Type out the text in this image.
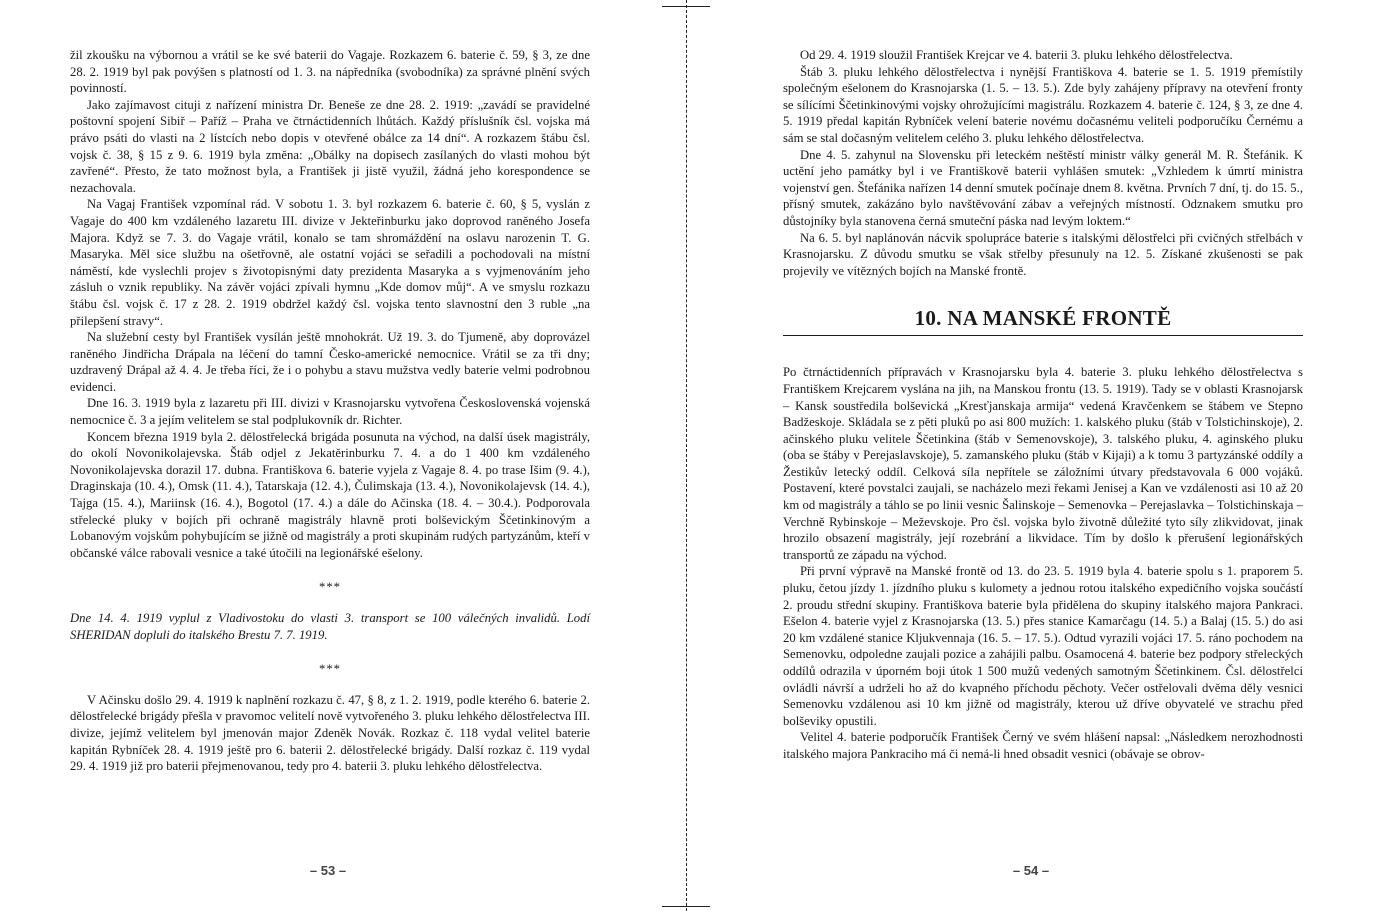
žil zkoušku na výbornou a vrátil se ke své baterii do Vagaje. Rozkazem 6. baterie č. 59, § 3, ze dne 28. 2. 1919 byl pak povýšen s platností od 1. 3. na nápředníka (svobodníka) za správné plnění svých povinností.

Jako zajímavost cituji z nařízení ministra Dr. Beneše ze dne 28. 2. 1919: „zavádí se pravidelné poštovní spojení Sibiř – Paříž – Praha ve čtrnáctidenních lhůtách. Každý příslušník čsl. vojska má právo psáti do vlasti na 2 lístcích nebo dopis v otevřené obálce za 14 dní“. A rozkazem štábu čsl. vojsk č. 38, § 15 z 9. 6. 1919 byla změna: „Obálky na dopisech zasílaných do vlasti mohou být zavřené“. Přesto, že tato možnost byla, a František ji jistě využil, žádná jeho korespondence se nezachovala.

Na Vagaj František vzpomínal rád. V sobotu 1. 3. byl rozkazem 6. baterie č. 60, § 5, vyslán z Vagaje do 400 km vzdáleného lazaretu III. divize v Jekteřinburku jako doprovod raněného Josefa Majora. Když se 7. 3. do Vagaje vrátil, konalo se tam shromáždění na oslavu narozenin T. G. Masaryka. Měl sice službu na ošetřovně, ale ostatní vojáci se seřadili a pochodovali na místní náměstí, kde vyslechli projev s životopisnými daty prezidenta Masaryka a s vyjmenováním jeho zásluh o vznik republiky. Na závěr vojáci zpívali hymnu „Kde domov můj“. A ve smyslu rozkazu štábu čsl. vojsk č. 17 z 28. 2. 1919 obdržel každý čsl. vojska tento slavnostní den 3 ruble „na přilepšení stravy“.

Na služební cesty byl František vysílán ještě mnohokrát. Už 19. 3. do Tjumeně, aby doprovázel raněného Jindřicha Drápala na léčení do tamní Česko-americké nemocnice. Vrátil se za tři dny; uzdravený Drápal až 4. 4. Je třeba říci, že i o pohybu a stavu mužstva vedly baterie velmi podrobnou evidenci.

Dne 16. 3. 1919 byla z lazaretu při III. divizi v Krasnojarsku vytvořena Československá vojenská nemocnice č. 3 a jejím velitelem se stal podplukovník dr. Richter.

Koncem března 1919 byla 2. dělostřelecká brigáda posunuta na východ, na další úsek magistrály, do okolí Novonikolajevska. Štáb odjel z Jekatěrinburku 7. 4. a do 1 400 km vzdáleného Novonikolajevska dorazil 17. dubna. Františkova 6. baterie vyjela z Vagaje 8. 4. po trase Išim (9. 4.), Draginskaja (10. 4.), Omsk (11. 4.), Tatarskaja (12. 4.), Čulimskaja (13. 4.), Novonikolajevsk (14. 4.), Tajga (15. 4.), Mariinsk (16. 4.), Bogotol (17. 4.) a dále do Ačinska (18. 4. – 30.4.). Podporovala střelecké pluky v bojích při ochraně magistrály hlavně proti bolševickým Ščetinkinovým a Lobanovým vojskům pohybujícím se jižně od magistrály a proti skupinám rudých partyzánům, kteří v občanské válce rabovali vesnice a také útočili na legionářské ešelony.

***

Dne 14. 4. 1919 vyplul z Vladivostoku do vlasti 3. transport se 100 válečných invalidů. Lodí SHERIDAN dopluli do italského Brestu 7. 7. 1919.

***

V Ačinsku došlo 29. 4. 1919 k naplnění rozkazu č. 47, § 8, z 1. 2. 1919, podle kterého 6. baterie 2. dělostřelecké brigády přešla v pravomoc velitelí nově vytvořeného 3. pluku lehkého dělostřelectva III. divize, jejímž velitelem byl jmenován major Zdeněk Novák. Rozkaz č. 118 vydal velitel baterie kapitán Rybníček 28. 4. 1919 ještě pro 6. baterii 2. dělostřelecké brigády. Další rozkaz č. 119 vydal 29. 4. 1919 již pro baterii přejmenovanou, tedy pro 4. baterii 3. pluku lehkého dělostřelectva.

– 53 –

Od 29. 4. 1919 sloužil František Krejcar ve 4. baterii 3. pluku lehkého dělostřelectva.

Štáb 3. pluku lehkého dělostřelectva i nynější Františkova 4. baterie se 1. 5. 1919 přemístily společným ešelonem do Krasnojarska (1. 5. – 13. 5.). Zde byly zahájeny přípravy na otevření fronty se sílícími Ščetinkinovými vojsky ohrožujícími magistrálu. Rozkazem 4. baterie č. 124, § 3, ze dne 4. 5. 1919 předal kapitán Rybníček velení baterie novému dočasnému veliteli podporučíku Černému a sám se stal dočasným velitelem celého 3. pluku lehkého dělostřelectva.

Dne 4. 5. zahynul na Slovensku při leteckém neštěstí ministr války generál M. R. Štefánik. K uctění jeho památky byl i ve Františkově baterii vyhlášen smutek: „Vzhledem k úmrtí ministra vojenství gen. Štefánika nařízen 14 denní smutek počínaje dnem 8. května. Prvních 7 dní, tj. do 15. 5., přísný smutek, zakázáno bylo navštěvování zábav a veřejných místností. Odznakem smutku pro důstojníky byla stanovena černá smuteční páska nad levým loktem.“

Na 6. 5. byl naplánován nácvik spolupráce baterie s italskými dělostřelci při cvičných střelbách v Krasnojarsku. Z důvodu smutku se však střelby přesunuly na 12. 5. Získané zkušenosti se pak projevily ve vítězných bojích na Manské frontě.

10. NA MANSKÉ FRONTĚ

Po čtrnáctidenních přípravách v Krasnojarsku byla 4. baterie 3. pluku lehkého dělostřelectva s Františkem Krejcarem vyslána na jih, na Manskou frontu (13. 5. 1919). Tady se v oblasti Krasnojarsk – Kansk soustředila bolševická „Kresťjanskaja armija“ vedená Kravčenkem se štábem ve Stepno Badžeskoje. Skládala se z pěti pluků po asi 800 mužích: 1. kalského pluku (štáb v Tolstichinskoje), 2. ačinského pluku velitele Ščetinkina (štáb v Semenovskoje), 3. talského pluku, 4. aginského pluku (oba se štáby v Perejaslavskoje), 5. zamanského pluku (štáb v Kijaji) a k tomu 3 partyzánské oddíly a Žestikův letecký oddíl. Celková síla nepřítele se záložními útvary představovala 6 000 vojáků. Postavení, které povstalci zaujali, se nacházelo mezi řekami Jenisej a Kan ve vzdálenosti asi 10 až 20 km od magistrály a táhlo se po linii vesnic Šalinskoje – Semenovka – Perejaslavka – Tolstichinskaja – Verchně Rybinskoje – Meževskoje. Pro čsl. vojska bylo životně důležité tyto síly zlikvidovat, jinak hrozilo obsazení magistrály, její rozebrání a likvidace. Tím by došlo k přerušení legionářských transportů ze západu na východ.

Při první výpravě na Manské frontě od 13. do 23. 5. 1919 byla 4. baterie spolu s 1. praporem 5. pluku, četou jízdy 1. jízdního pluku s kulomety a jednou rotou italského expedičního vojska součástí 2. proudu střední skupiny. Františkova baterie byla přidělena do skupiny italského majora Pankraci. Ešelon 4. baterie vyjel z Krasnojarska (13. 5.) přes stanice Kamarčagu (14. 5.) a Balaj (15. 5.) do asi 20 km vzdálené stanice Kljukvennaja (16. 5. – 17. 5.). Odtud vyrazili vojáci 17. 5. ráno pochodem na Semenovku, odpoledne zaujali pozice a zahájili palbu. Osamocená 4. baterie bez podpory střeleckých oddílů odrazila v úporném boji útok 1 500 mužů vedených samotným Ščetinkinem. Čsl. dělostřelci ovládli návrší a udrželi ho až do kvapného příchodu pěchoty. Večer ostřelovali dvěma děly vesnici Semenovku vzdálenou asi 10 km jižně od magistrály, kterou už dříve obyvatelé ve strachu před bolševiky opustili.

Velitel 4. baterie podporučík František Černý ve svém hlášení napsal: „Následkem nerozhodnosti italského majora Pankraciho má či nemá-li hned obsadit vesnici (obávaje se obrov-

– 54 –
